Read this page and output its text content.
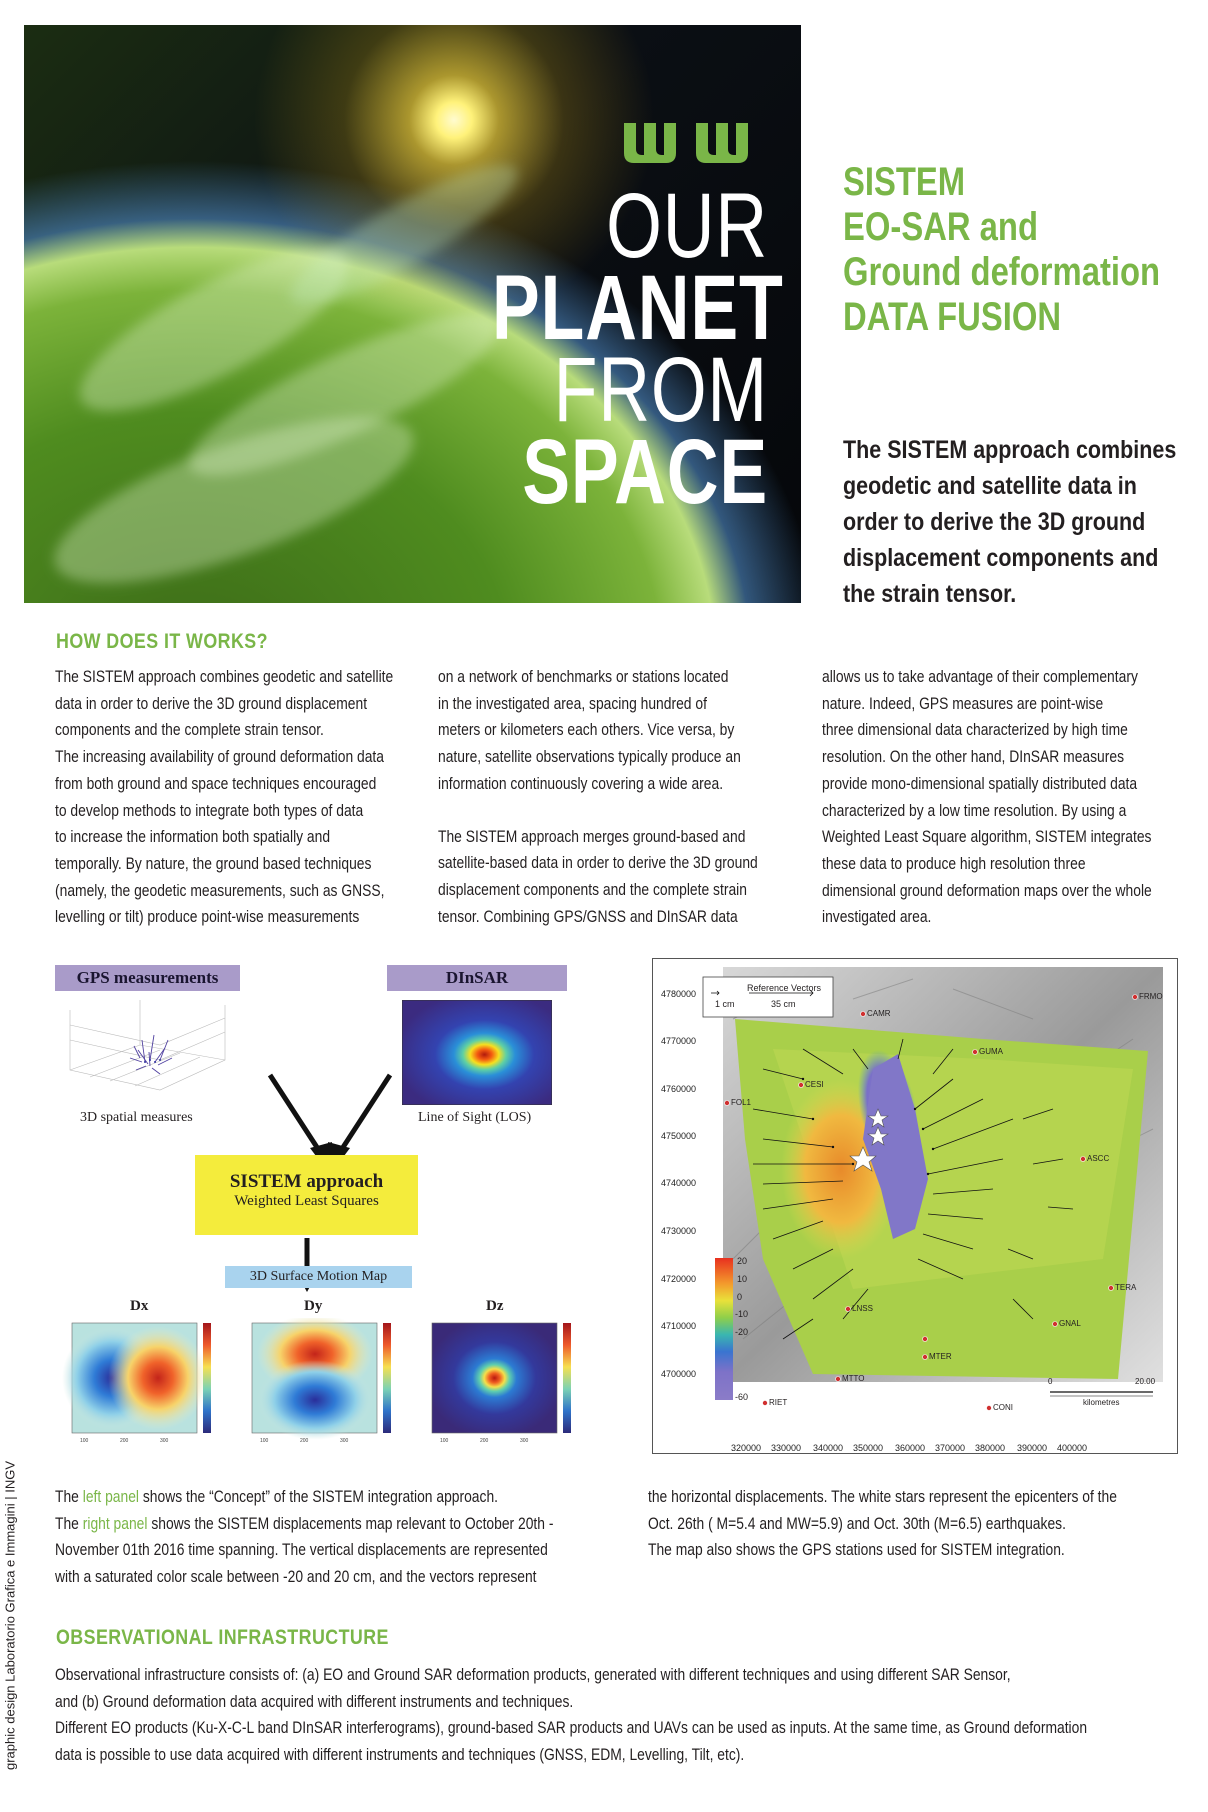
OUR
PLANET
FROM
SPACE
SISTEM
EO-SAR and
Ground deformation
DATA FUSION
The SISTEM approach combines geodetic and satellite data in order to derive the 3D ground displacement components and the strain tensor.
HOW DOES IT WORKS?

The SISTEM approach combines geodetic and satellite

data in order to derive the 3D ground displacement

components and the complete strain tensor.

The increasing availability of ground deformation data

from both ground and space techniques encouraged

to develop methods to integrate both types of data

to increase the information both spatially and

temporally. By nature, the ground based techniques

(namely, the geodetic measurements, such as GNSS,

levelling or tilt) produce point-wise measurements

on a network of benchmarks or stations located

in the investigated area, spacing hundred of

meters or kilometers each others. Vice versa, by

nature, satellite observations typically produce an

information continuously covering a wide area.

The SISTEM approach merges ground-based and

satellite-based data in order to derive the 3D ground

displacement components and the complete strain

tensor. Combining GPS/GNSS and DInSAR data

allows us to take advantage of their complementary

nature. Indeed, GPS measures are point-wise

three dimensional data characterized by high time

resolution. On the other hand, DInSAR measures

provide mono-dimensional spatially distributed data

characterized by a low time resolution. By using a

Weighted Least Square algorithm, SISTEM integrates

these data to produce high resolution three

dimensional ground deformation maps over the whole

investigated area.

GPS measurements	DInSAR
3D spatial measures	Line of Sight (LOS)
SISTEM approach
Weighted Least Squares
3D Surface Motion Map
Dx	Dy	Dz
100	200	300	100	200	300	100	200	300
4780000
4770000
4760000
4750000
4740000
4730000
4720000
4710000
4700000
320000 330000 340000 350000 360000 370000 380000 390000 400000
Reference Vectors
1 cm	35 cm
CAMR
FRMO
GUMA
CESI
FOL1
ASCC
TERA
LNSS
GNAL
MTER
MTTO
RIET
CONI
20
10
0
-10
-20
-60
0	20.00
kilometres

The left panel shows the “Concept” of the SISTEM integration approach.

The right panel shows the SISTEM displacements map relevant to October 20th -

November 01th 2016 time spanning. The vertical displacements are represented

with a saturated color scale between -20 and 20 cm, and the vectors represent

the horizontal displacements. The white stars represent the epicenters of the

Oct. 26th ( M=5.4 and MW=5.9) and Oct. 30th (M=6.5) earthquakes.

The map also shows the GPS stations used for SISTEM integration.

OBSERVATIONAL INFRASTRUCTURE

Observational infrastructure consists of: (a) EO and Ground SAR deformation products, generated with different techniques and using different SAR Sensor,

and (b) Ground deformation data acquired with different instruments and techniques.

Different EO products (Ku-X-C-L band DInSAR interferograms), ground-based SAR products and UAVs can be used as inputs. At the same time, as Ground deformation

data is possible to use data acquired with different instruments and techniques (GNSS, EDM, Levelling, Tilt, etc).

graphic design Laboratorio Grafica e Immagini | INGV
